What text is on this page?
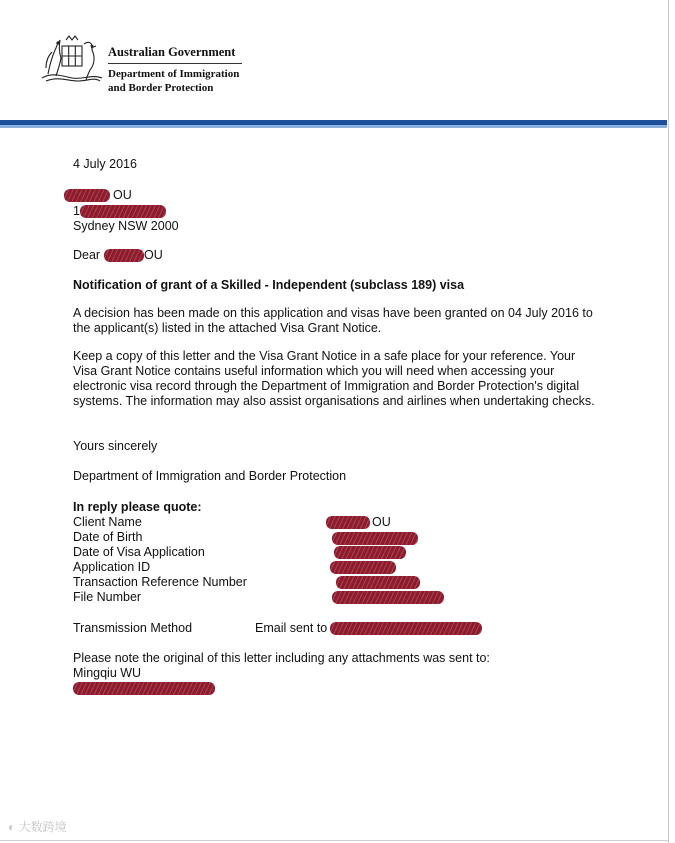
Australian Government
Department of Immigration
and Border Protection
4 July 2016
OU
1
Sydney NSW 2000
Dear	OU
Notification of grant of a Skilled - Independent (subclass 189) visa
A decision has been made on this application and visas have been granted on 04 July 2016 to the applicant(s) listed in the attached Visa Grant Notice.
Keep a copy of this letter and the Visa Grant Notice in a safe place for your reference. Your Visa Grant Notice contains useful information which you will need when accessing your electronic visa record through the Department of Immigration and Border Protection's digital systems. The information may also assist organisations and airlines when undertaking checks.
Yours sincerely
Department of Immigration and Border Protection
In reply please quote:
Client Name
Date of Birth
Date of Visa Application
Application ID
Transaction Reference Number
File Number
OU
Transmission Method	Email sent to
Please note the original of this letter including any attachments was sent to:
Mingqiu WU
◐ 大数跨境
